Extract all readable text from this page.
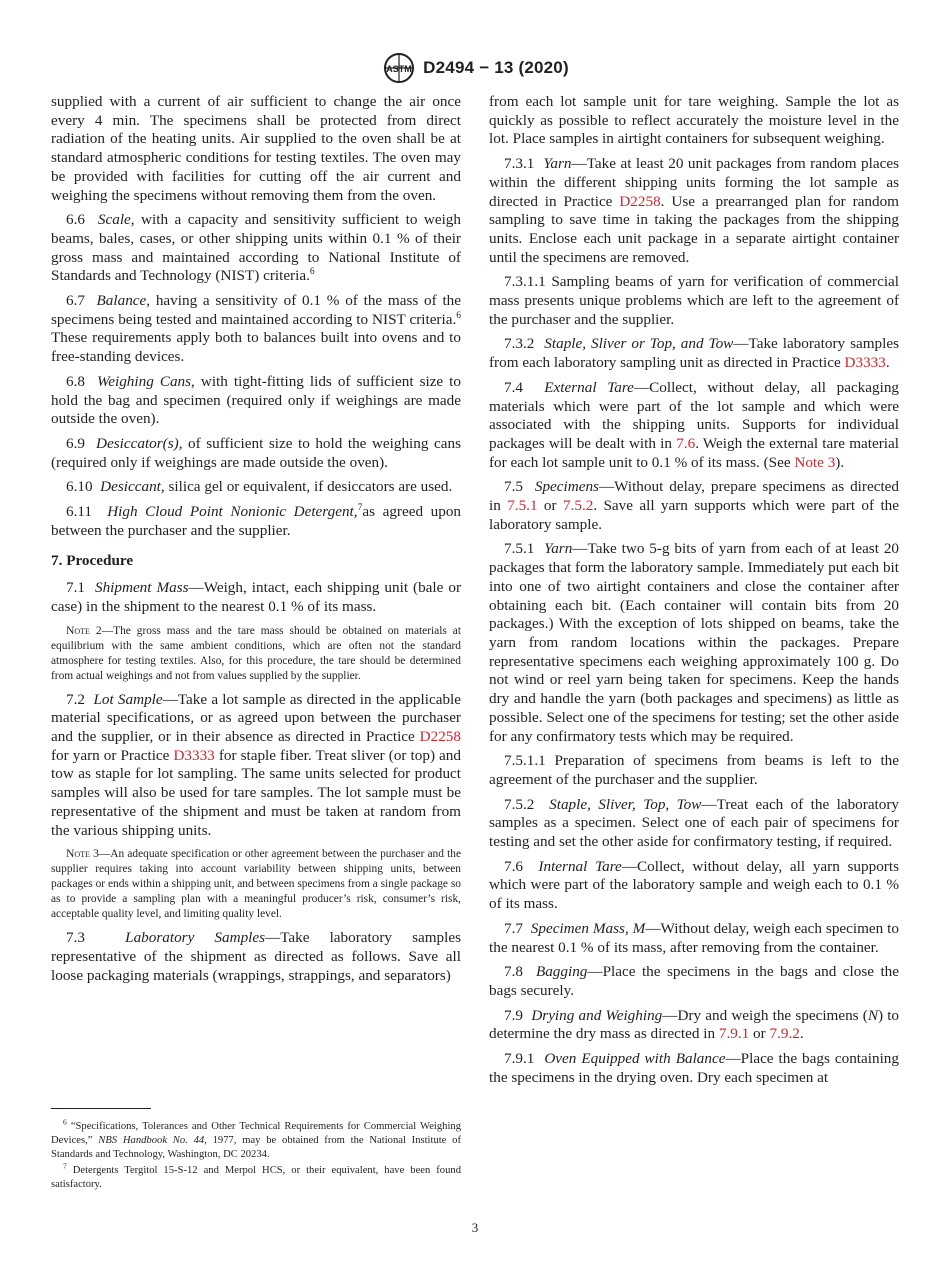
ASTM D2494 − 13 (2020)

supplied with a current of air sufficient to change the air once every 4 min. The specimens shall be protected from direct radiation of the heating units. Air supplied to the oven shall be at standard atmospheric conditions for testing textiles. The oven may be provided with facilities for cutting off the air current and weighing the specimens without removing them from the oven.

6.6 Scale, with a capacity and sensitivity sufficient to weigh beams, bales, cases, or other shipping units within 0.1 % of their gross mass and maintained according to National Institute of Standards and Technology (NIST) criteria.$^6$

6.7 Balance, having a sensitivity of 0.1 % of the mass of the specimens being tested and maintained according to NIST criteria.$^6$ These requirements apply both to balances built into ovens and to free-standing devices.

6.8 Weighing Cans, with tight-fitting lids of sufficient size to hold the bag and specimen (required only if weighings are made outside the oven).

6.9 Desiccator(s), of sufficient size to hold the weighing cans (required only if weighings are made outside the oven).

6.10 Desiccant, silica gel or equivalent, if desiccators are used.

6.11 High Cloud Point Nonionic Detergent,$^7$as agreed upon between the purchaser and the supplier.

7. Procedure

7.1 Shipment Mass—Weigh, intact, each shipping unit (bale or case) in the shipment to the nearest 0.1 % of its mass.

Note 2—The gross mass and the tare mass should be obtained on materials at equilibrium with the same ambient conditions, which are often not the standard atmosphere for testing textiles. Also, for this procedure, the tare should be determined from actual weighings and not from values supplied by the supplier.

7.2 Lot Sample—Take a lot sample as directed in the applicable material specifications, or as agreed upon between the purchaser and the supplier, or in their absence as directed in Practice D2258 for yarn or Practice D3333 for staple fiber. Treat sliver (or top) and tow as staple for lot sampling. The same units selected for product samples will also be used for tare samples. The lot sample must be representative of the shipment and must be taken at random from the various shipping units.

Note 3—An adequate specification or other agreement between the purchaser and the supplier requires taking into account variability between shipping units, between packages or ends within a shipping unit, and between specimens from a single package so as to provide a sampling plan with a meaningful producer’s risk, consumer’s risk, acceptable quality level, and limiting quality level.

7.3	Laboratory Samples—Take laboratory samples representative of the shipment as directed as follows. Save all loose packaging materials (wrappings, strappings, and separators)

$^6$ “Specifications, Tolerances and Other Technical Requirements for Commercial Weighing Devices,” NBS Handbook No. 44, 1977, may be obtained from the National Institute of Standards and Technology, Washington, DC 20234.

$^7$ Detergents Tergitol 15-S-12 and Merpol HCS, or their equivalent, have been found satisfactory.

from each lot sample unit for tare weighing. Sample the lot as quickly as possible to reflect accurately the moisture level in the lot. Place samples in airtight containers for subsequent weighing.

7.3.1 Yarn—Take at least 20 unit packages from random places within the different shipping units forming the lot sample as directed in Practice D2258. Use a prearranged plan for random sampling to save time in taking the packages from the shipping units. Enclose each unit package in a separate airtight container until the specimens are removed.

7.3.1.1 Sampling beams of yarn for verification of commercial mass presents unique problems which are left to the agreement of the purchaser and the supplier.

7.3.2 Staple, Sliver or Top, and Tow—Take laboratory samples from each laboratory sampling unit as directed in Practice D3333.

7.4 External Tare—Collect, without delay, all packaging materials which were part of the lot sample and which were associated with the shipping units. Supports for individual packages will be dealt with in 7.6. Weigh the external tare material for each lot sample unit to 0.1 % of its mass. (See Note 3).

7.5 Specimens—Without delay, prepare specimens as directed in 7.5.1 or 7.5.2. Save all yarn supports which were part of the laboratory sample.

7.5.1 Yarn—Take two 5-g bits of yarn from each of at least 20 packages that form the laboratory sample. Immediately put each bit into one of two airtight containers and close the container after obtaining each bit. (Each container will contain bits from 20 packages.) With the exception of lots shipped on beams, take the yarn from random locations within the packages. Prepare representative specimens each weighing approximately 100 g. Do not wind or reel yarn being taken for specimens. Keep the hands dry and handle the yarn (both packages and specimens) as little as possible. Select one of the specimens for testing; set the other aside for any confirmatory tests which may be required.

7.5.1.1 Preparation of specimens from beams is left to the agreement of the purchaser and the supplier.

7.5.2 Staple, Sliver, Top, Tow—Treat each of the laboratory samples as a specimen. Select one of each pair of specimens for testing and set the other aside for confirmatory testing, if required.

7.6 Internal Tare—Collect, without delay, all yarn supports which were part of the laboratory sample and weigh each to 0.1 % of its mass.

7.7 Specimen Mass, M—Without delay, weigh each specimen to the nearest 0.1 % of its mass, after removing from the container.

7.8 Bagging—Place the specimens in the bags and close the bags securely.

7.9 Drying and Weighing—Dry and weigh the specimens (N) to determine the dry mass as directed in 7.9.1 or 7.9.2.

7.9.1 Oven Equipped with Balance—Place the bags containing the specimens in the drying oven. Dry each specimen at

3
